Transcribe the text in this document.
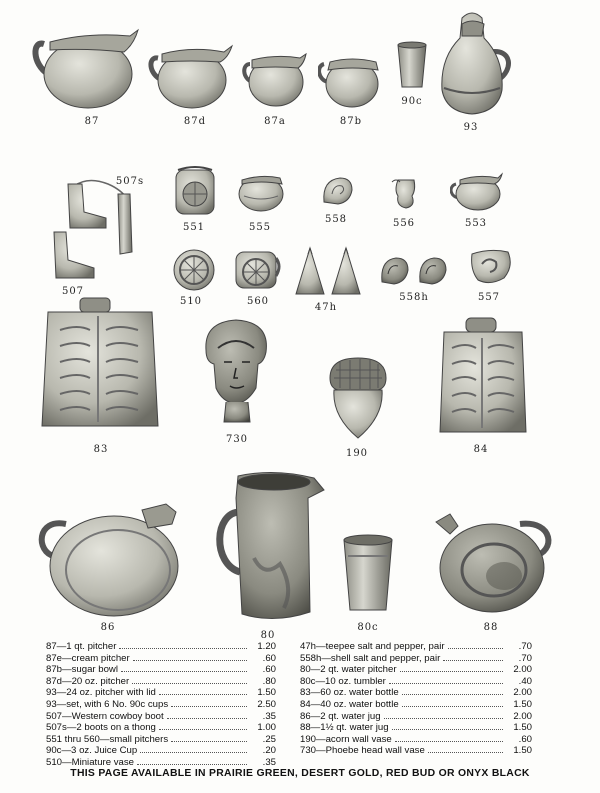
87	87d	87a	87b
90c
93
507s
507
551	555
558	556	553
510	560
47h
558h	557
83
730
190	84
86
80
80c	88
87—1 qt. pitcher	1.20
87e—cream pitcher	.60
87b—sugar bowl	.60
87d—20 oz. pitcher	.80
93—24 oz. pitcher with lid	1.50
93—set, with 6 No. 90c cups	2.50
507—Western cowboy boot	.35
507s—2 boots on a thong	1.00
551 thru 560—small pitchers	.25
90c—3 oz. Juice Cup	.20
510—Miniature vase	.35
47h—teepee salt and pepper, pair	.70
558h—shell salt and pepper, pair	.70
80—2 qt. water pitcher	2.00
80c—10 oz. tumbler	.40
83—60 oz. water bottle	2.00
84—40 oz. water bottle	1.50
86—2 qt. water jug	2.00
88—1½ qt. water jug	1.50
190—acorn wall vase	.60
730—Phoebe head wall vase	1.50
THIS PAGE AVAILABLE IN PRAIRIE GREEN, DESERT GOLD, RED BUD OR ONYX BLACK
